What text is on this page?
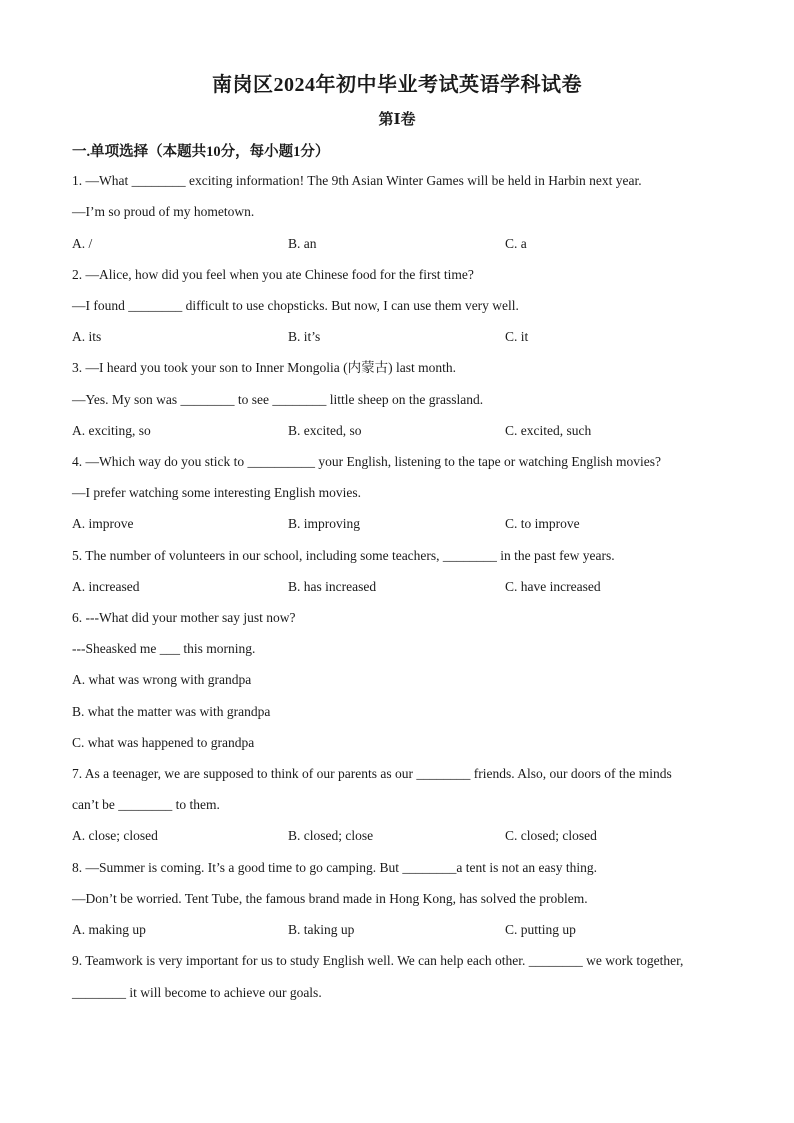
南岗区2024年初中毕业考试英语学科试卷
第Ⅰ卷
一.单项选择（本题共10分，每小题1分）
1. —What ________ exciting information! The 9th Asian Winter Games will be held in Harbin next year.
—I’m so proud of my hometown.
A. /	B. an	C. a
2. —Alice, how did you feel when you ate Chinese food for the first time?
—I found ________ difficult to use chopsticks. But now, I can use them very well.
A. its	B. it’s	C. it
3. —I heard you took your son to Inner Mongolia (内蒙古) last month.
—Yes. My son was ________ to see ________ little sheep on the grassland.
A. exciting, so	B. excited, so	C. excited, such
4. —Which way do you stick to __________ your English, listening to the tape or watching English movies?
—I prefer watching some interesting English movies.
A. improve	B. improving	C. to improve
5. The number of volunteers in our school, including some teachers, ________ in the past few years.
A. increased	B. has increased	C. have increased
6. ---What did your mother say just now?
---Sheasked me ___ this morning.
A. what was wrong with grandpa
B. what the matter was with grandpa
C. what was happened to grandpa
7. As a teenager, we are supposed to think of our parents as our ________ friends. Also, our doors of the minds
can’t be ________ to them.
A. close; closed	B. closed; close	C. closed; closed
8. —Summer is coming. It’s a good time to go camping. But ________a tent is not an easy thing.
—Don’t be worried. Tent Tube, the famous brand made in Hong Kong, has solved the problem.
A. making up	B. taking up	C. putting up
9. Teamwork is very important for us to study English well. We can help each other. ________ we work together,
________ it will become to achieve our goals.
